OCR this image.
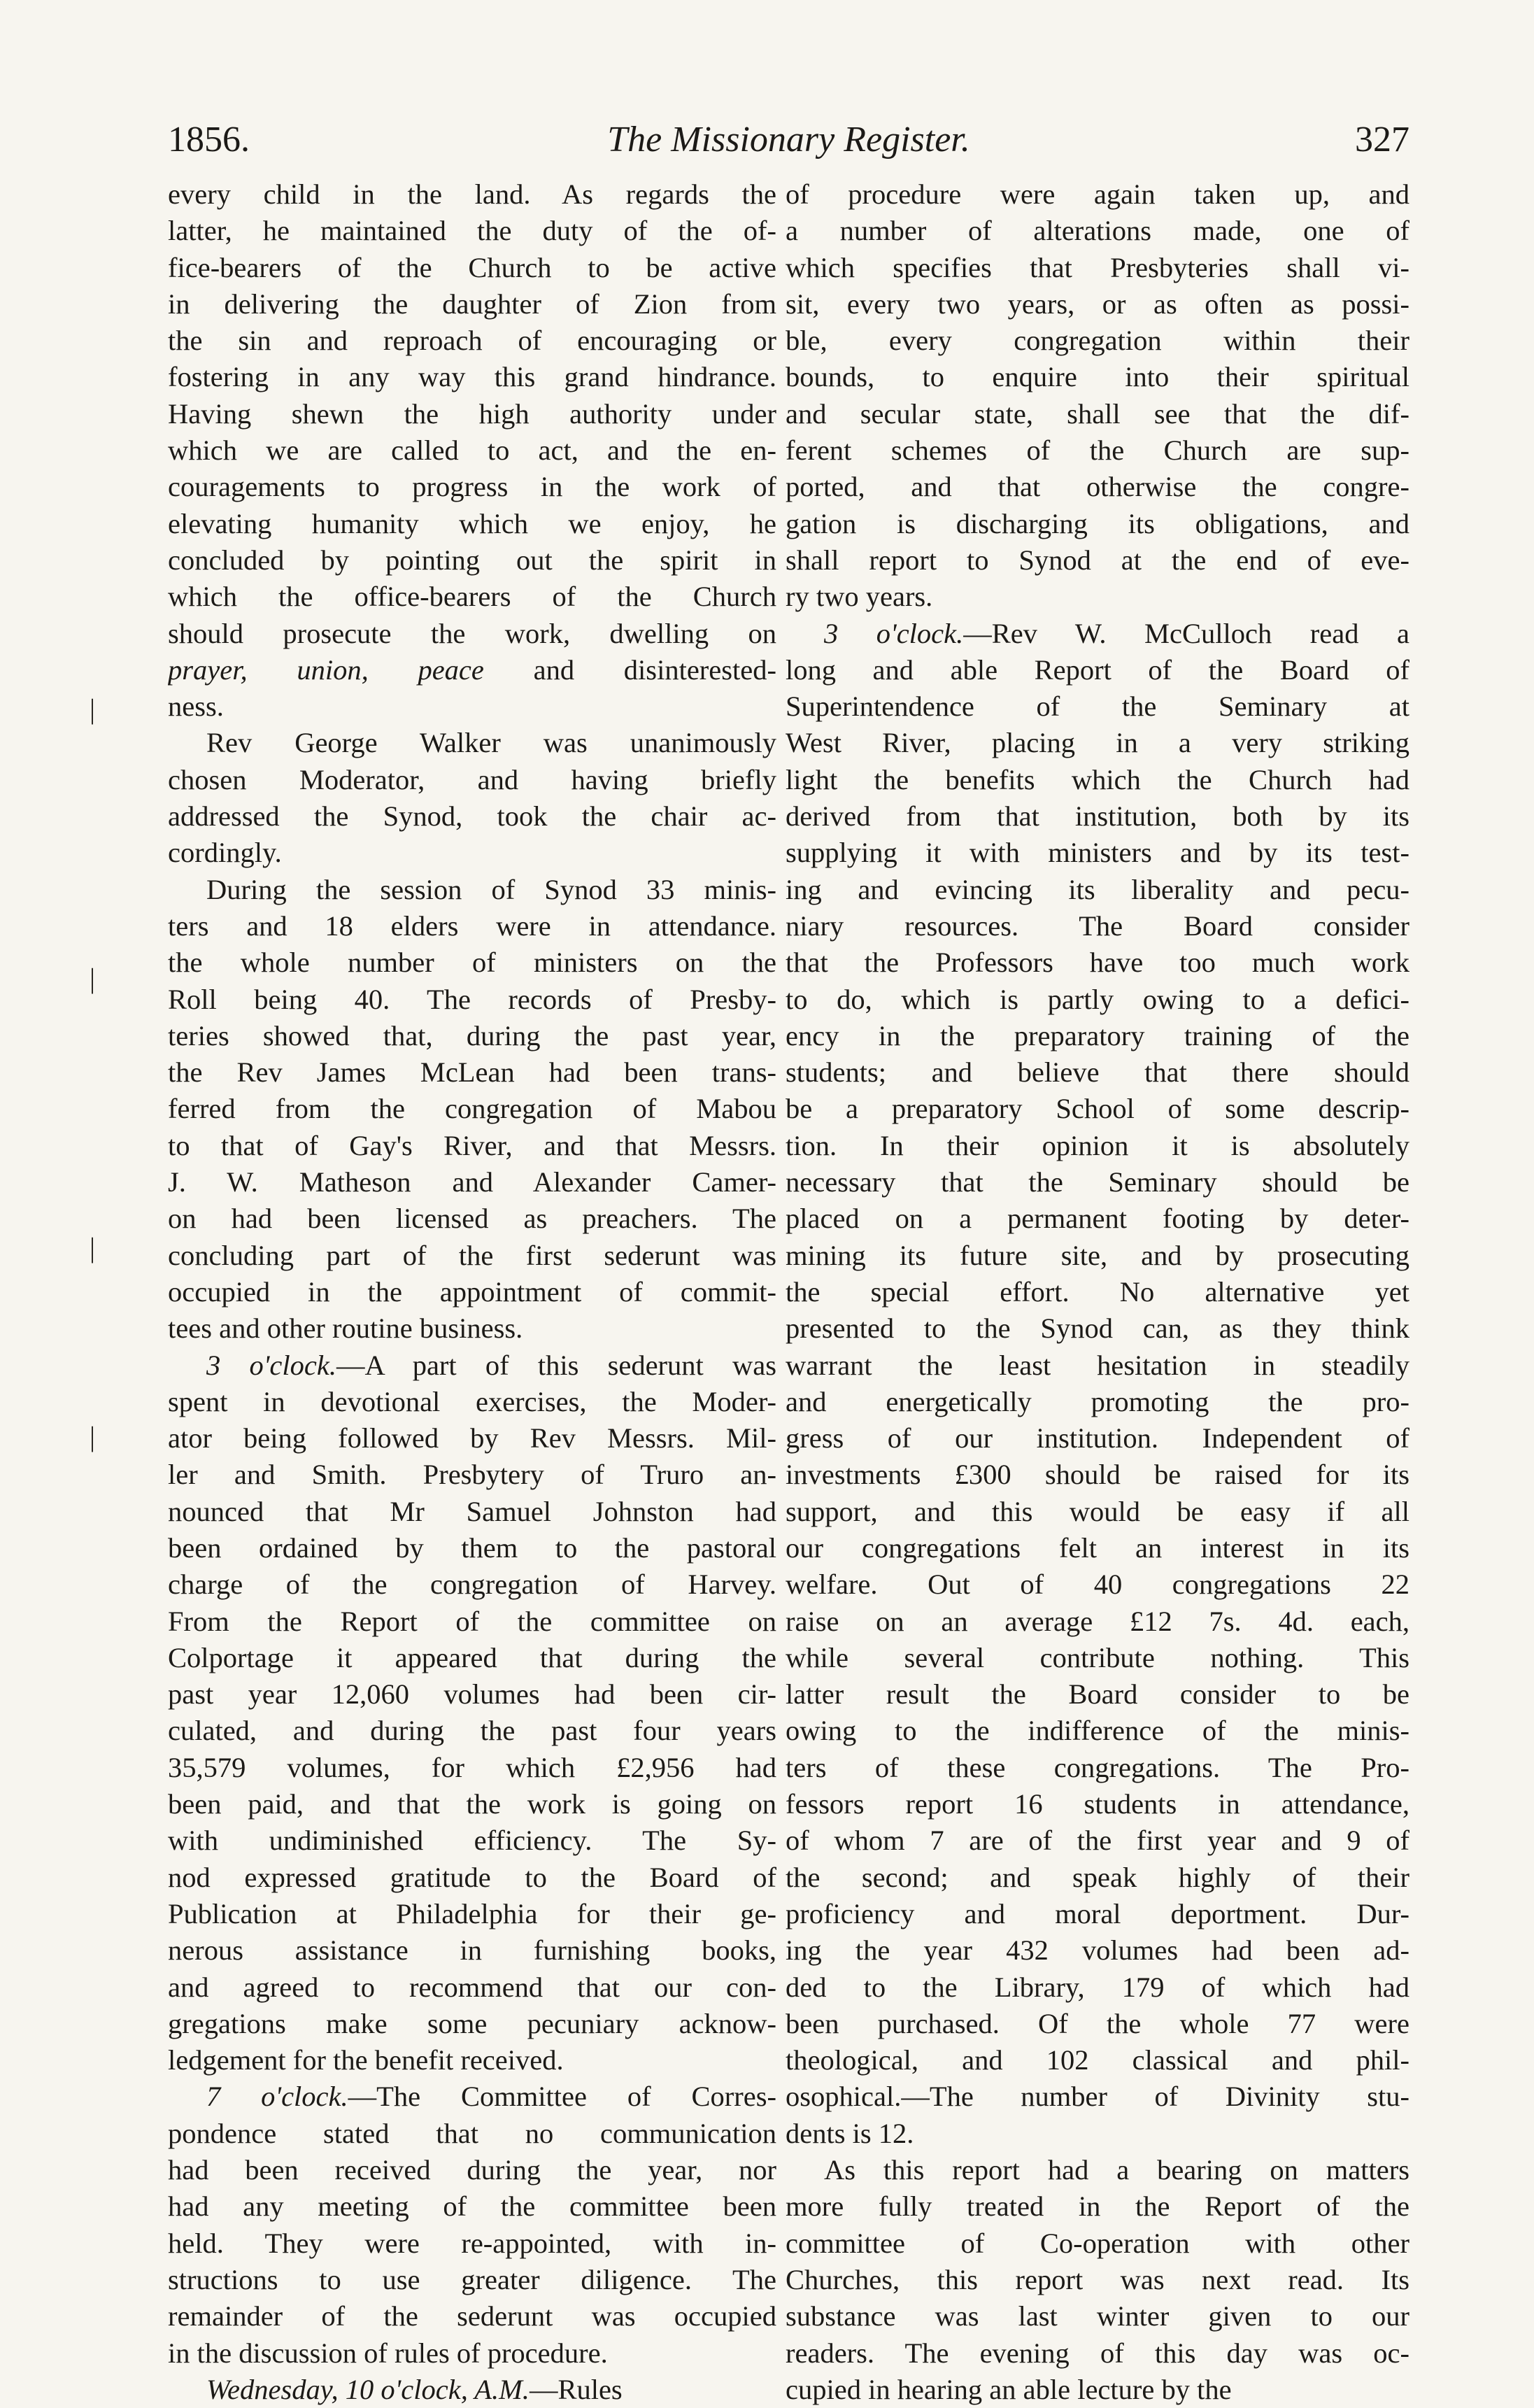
1856.	The Missionary Register.	327

every child in the land. As regards the
latter, he maintained the duty of the of-
fice-bearers of the Church to be active
in delivering the daughter of Zion from
the sin and reproach of encouraging or
fostering in any way this grand hindrance.
Having shewn the high authority under
which we are called to act, and the en-
couragements to progress in the work of
elevating humanity which we enjoy, he
concluded by pointing out the spirit in
which the office-bearers of the Church
should prosecute the work, dwelling on
prayer, union, peace and disinterested-
ness.

Rev George Walker was unanimously
chosen Moderator, and having briefly
addressed the Synod, took the chair ac-
cordingly.

During the session of Synod 33 minis-
ters and 18 elders were in attendance.
the whole number of ministers on the
Roll being 40. The records of Presby-
teries showed that, during the past year,
the Rev James McLean had been trans-
ferred from the congregation of Mabou
to that of Gay's River, and that Messrs.
J. W. Matheson and Alexander Camer-
on had been licensed as preachers. The
concluding part of the first sederunt was
occupied in the appointment of commit-
tees and other routine business.

3 o'clock.—A part of this sederunt was
spent in devotional exercises, the Moder-
ator being followed by Rev Messrs. Mil-
ler and Smith. Presbytery of Truro an-
nounced that Mr Samuel Johnston had
been ordained by them to the pastoral
charge of the congregation of Harvey.
From the Report of the committee on
Colportage it appeared that during the
past year 12,060 volumes had been cir-
culated, and during the past four years
35,579 volumes, for which £2,956 had
been paid, and that the work is going on
with undiminished efficiency. The Sy-
nod expressed gratitude to the Board of
Publication at Philadelphia for their ge-
nerous assistance in furnishing books,
and agreed to recommend that our con-
gregations make some pecuniary acknow-
ledgement for the benefit received.

7 o'clock.—The Committee of Corres-
pondence stated that no communication
had been received during the year, nor
had any meeting of the committee been
held. They were re-appointed, with in-
structions to use greater diligence. The
remainder of the sederunt was occupied
in the discussion of rules of procedure.

Wednesday, 10 o'clock, A.M.—Rules

of procedure were again taken up, and
a number of alterations made, one of
which specifies that Presbyteries shall vi-
sit, every two years, or as often as possi-
ble, every congregation within their
bounds, to enquire into their spiritual
and secular state, shall see that the dif-
ferent schemes of the Church are sup-
ported, and that otherwise the congre-
gation is discharging its obligations, and
shall report to Synod at the end of eve-
ry two years.

3 o'clock.—Rev W. McCulloch read a
long and able Report of the Board of
Superintendence of the Seminary at
West River, placing in a very striking
light the benefits which the Church had
derived from that institution, both by its
supplying it with ministers and by its test-
ing and evincing its liberality and pecu-
niary resources. The Board consider
that the Professors have too much work
to do, which is partly owing to a defici-
ency in the preparatory training of the
students; and believe that there should
be a preparatory School of some descrip-
tion. In their opinion it is absolutely
necessary that the Seminary should be
placed on a permanent footing by deter-
mining its future site, and by prosecuting
the special effort. No alternative yet
presented to the Synod can, as they think
warrant the least hesitation in steadily
and energetically promoting the pro-
gress of our institution. Independent of
investments £300 should be raised for its
support, and this would be easy if all
our congregations felt an interest in its
welfare. Out of 40 congregations 22
raise on an average £12 7s. 4d. each,
while several contribute nothing. This
latter result the Board consider to be
owing to the indifference of the minis-
ters of these congregations. The Pro-
fessors report 16 students in attendance,
of whom 7 are of the first year and 9 of
the second; and speak highly of their
proficiency and moral deportment. Dur-
ing the year 432 volumes had been ad-
ded to the Library, 179 of which had
been purchased. Of the whole 77 were
theological, and 102 classical and phil-
osophical.—The number of Divinity stu-
dents is 12.

As this report had a bearing on matters
more fully treated in the Report of the
committee of Co-operation with other
Churches, this report was next read. Its
substance was last winter given to our
readers. The evening of this day was oc-
cupied in hearing an able lecture by the

|
|
|
|
